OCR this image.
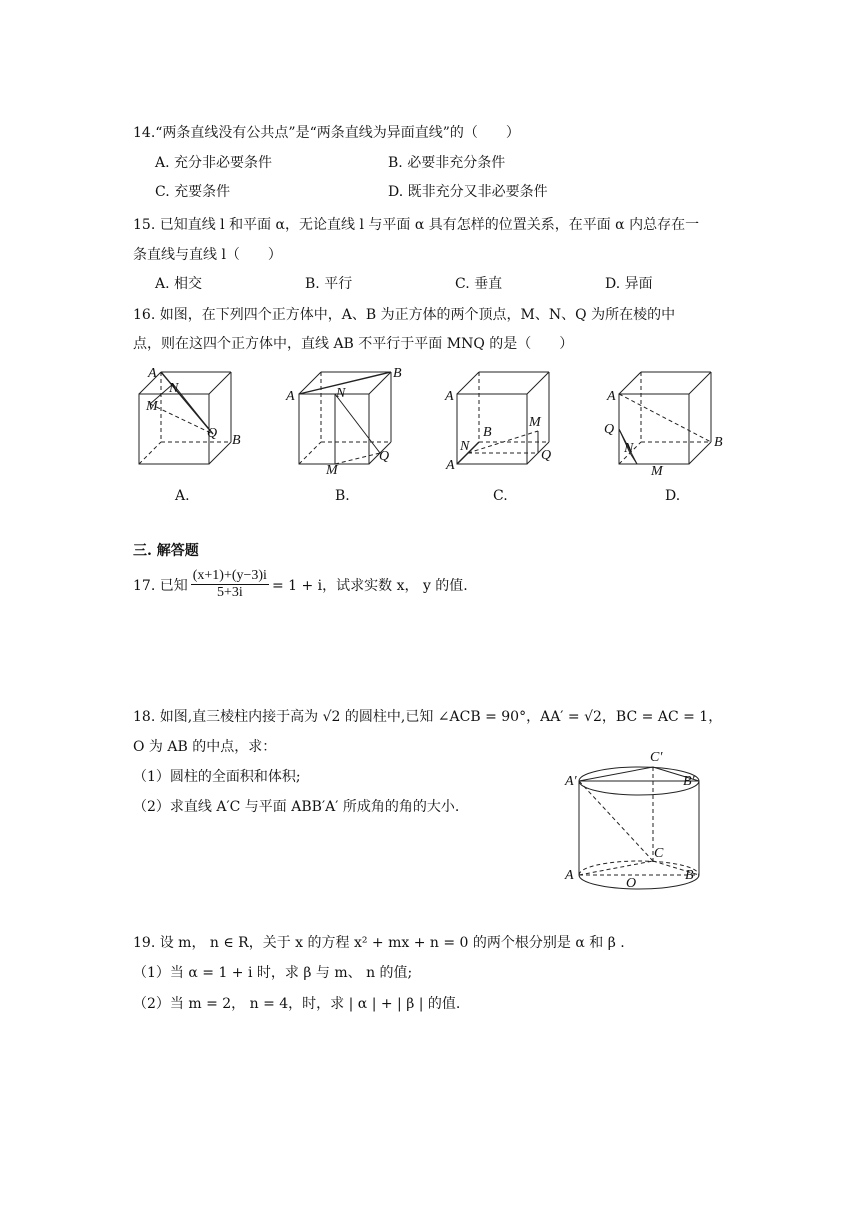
14.“两条直线没有公共点”是“两条直线为异面直线”的（　　）
A. 充分非必要条件	B. 必要非充分条件
C. 充要条件	D. 既非充分又非必要条件
15. 已知直线 l 和平面 α，无论直线 l 与平面 α 具有怎样的位置关系，在平面 α 内总存在一
条直线与直线 l（　　）
A. 相交	B. 平行	C. 垂直	D. 异面
16. 如图，在下列四个正方体中，A、B 为正方体的两个顶点，M、N、Q 为所在棱的中
点，则在这四个正方体中，直线 AB 不平行于平面 MNQ 的是（　　）
A
N
M
Q B
A
B
N
Q
M
A
B
M
N
Q
A
A
Q
N	B
M
A.	B.	C.	D.
三. 解答题
17. 已知 $\frac{(x+1)+(y-3)i}{5+3i} = 1 + i$，试求实数 x， y 的值.
18. 如图,直三棱柱内接于高为 √2 的圆柱中,已知 ∠ACB = 90°，AA′ = √2，BC = AC = 1，
O 为 AB 的中点，求：
（1）圆柱的全面积和体积;
（2）求直线 A′C 与平面 ABB′A′ 所成角的角的大小.
C′
A′	B′
C
A
O
B
19. 设 m， n ∈ R，关于 x 的方程 x² + mx + n = 0 的两个根分别是 α 和 β .
（1）当 α = 1 + i 时，求 β 与 m、 n 的值;
（2）当 m = 2， n = 4，时，求 | α | + | β | 的值.
